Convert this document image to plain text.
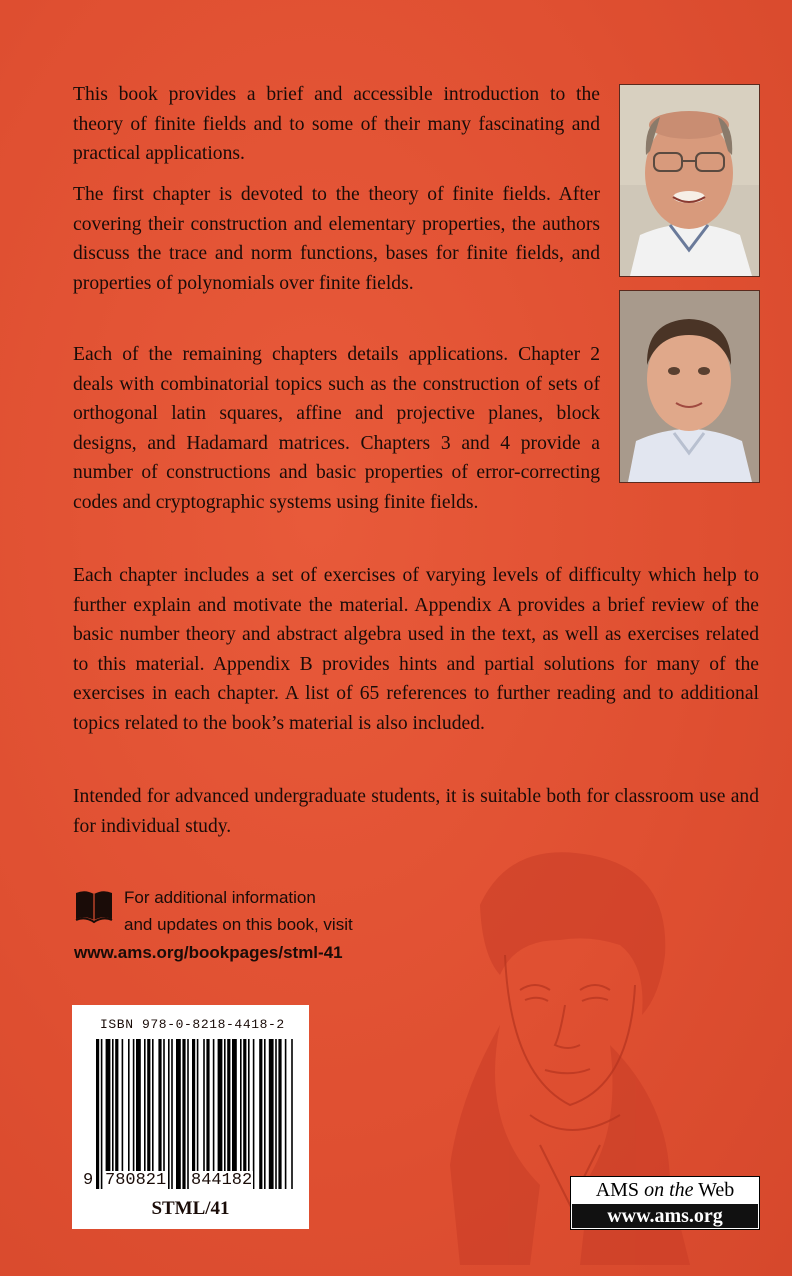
This book provides a brief and accessible introduction to the theory of finite fields and to some of their many fascinating and practical applications.

The first chapter is devoted to the theory of finite fields. After covering their construction and elementary properties, the authors discuss the trace and norm functions, bases for finite fields, and properties of polynomials over finite fields.

Each of the remaining chapters details applications. Chapter 2 deals with combinatorial topics such as the construction of sets of orthogonal latin squares, affine and projective planes, block designs, and Hadamard matrices. Chapters 3 and 4 provide a number of constructions and basic properties of error-correcting codes and cryptographic systems using finite fields.

Each chapter includes a set of exercises of varying levels of difficulty which help to further explain and motivate the material. Appendix A provides a brief review of the basic number theory and abstract algebra used in the text, as well as exercises related to this material. Appendix B provides hints and partial solutions for many of the exercises in each chapter. A list of 65 references to further reading and to additional topics related to the book’s material is also included.

Intended for advanced undergraduate students, it is suitable both for classroom use and for individual study.

For additional information
and updates on this book, visit
www.ams.org/bookpages/stml-41
ISBN 978-0-8218-4418-2
9 780821 844182
STML/41
AMS on the Web
www.ams.org
